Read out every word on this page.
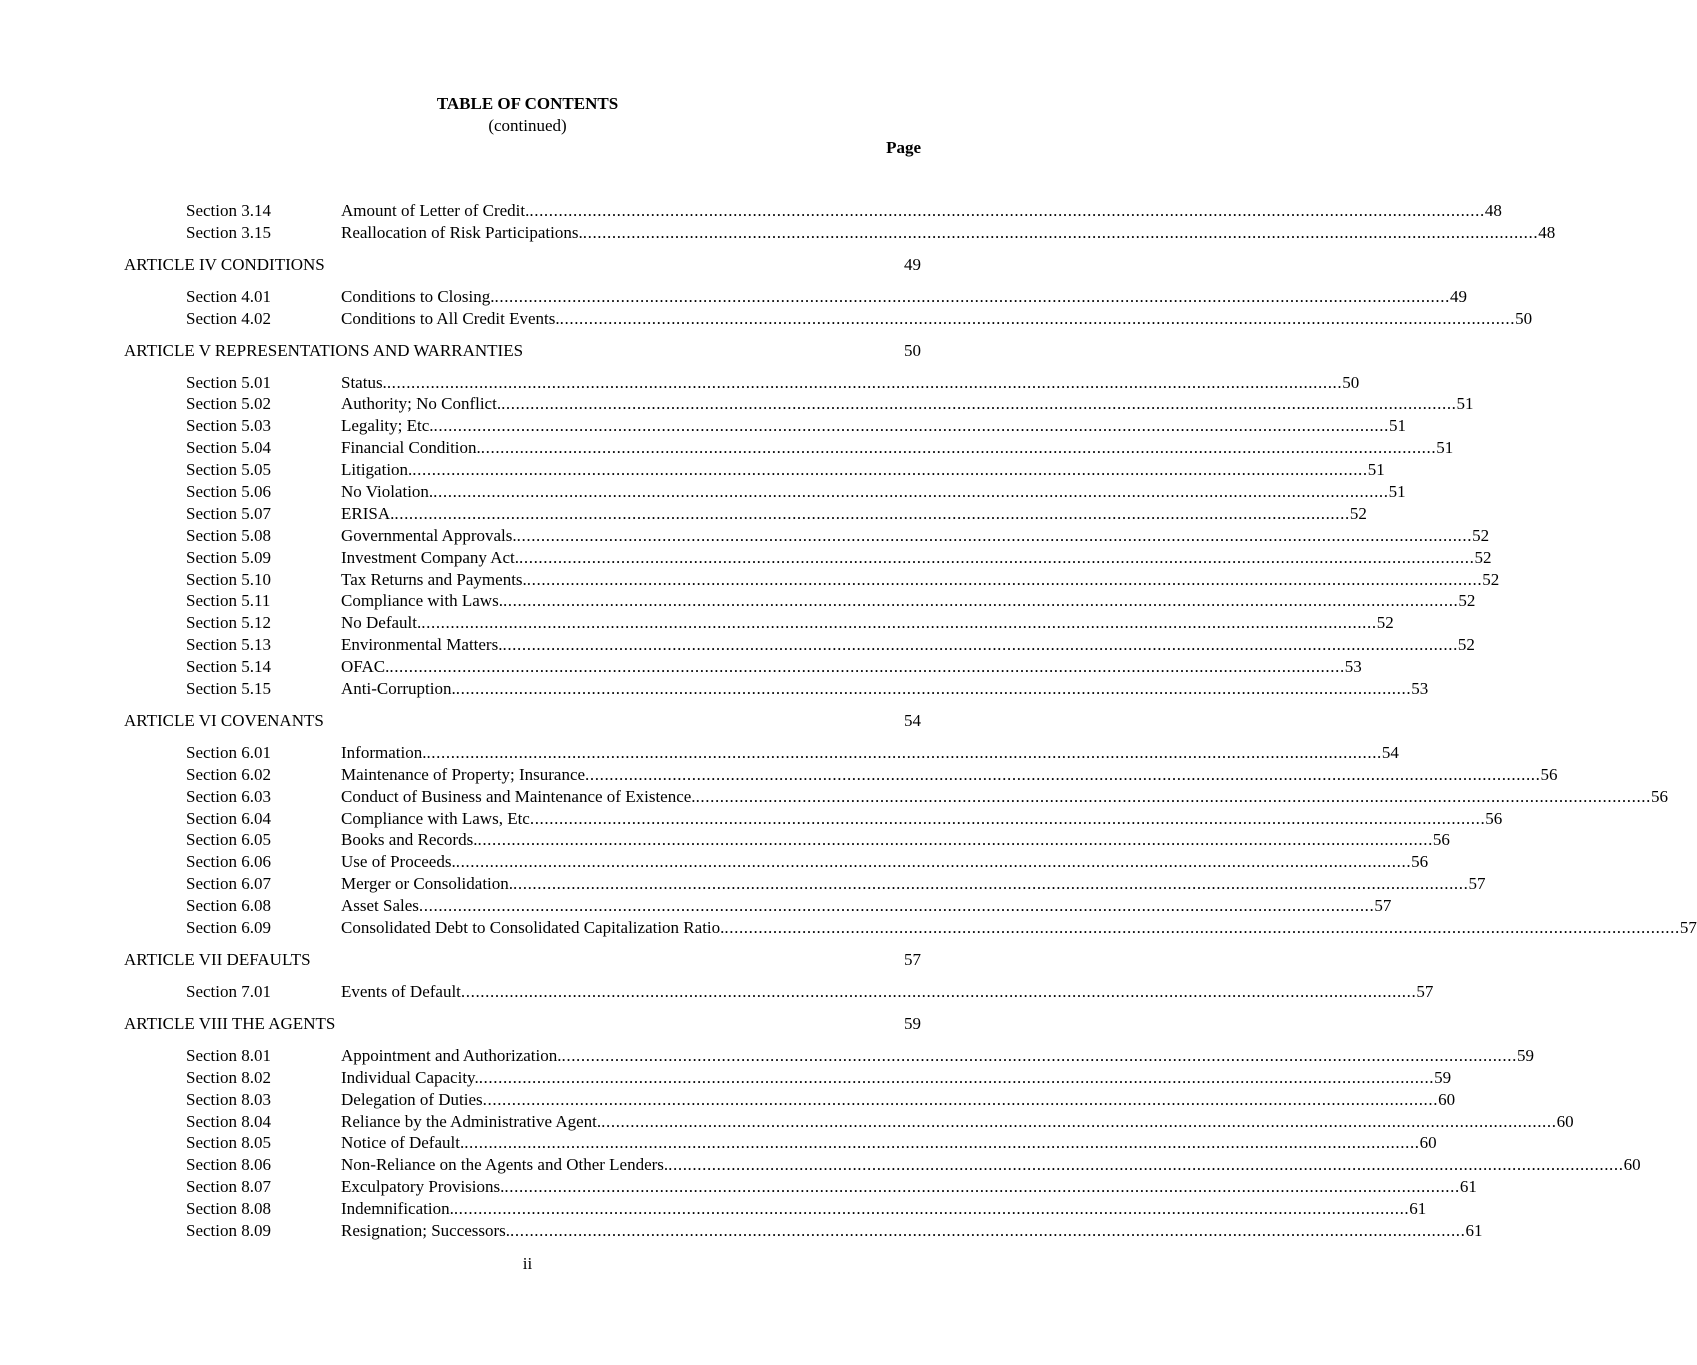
TABLE OF CONTENTS
(continued)
Page
Section 3.14	Amount of Letter of Credit. ..................................................................................................................................................................................................... 48
Section 3.15	Reallocation of Risk Participations. ..................................................................................................................................................................................................... 48
ARTICLE IV CONDITIONS	49
Section 4.01	Conditions to Closing. ..................................................................................................................................................................................................... 49
Section 4.02	Conditions to All Credit Events. ..................................................................................................................................................................................................... 50
ARTICLE V REPRESENTATIONS AND WARRANTIES	50
Section 5.01	Status. ..................................................................................................................................................................................................... 50
Section 5.02	Authority; No Conflict. ..................................................................................................................................................................................................... 51
Section 5.03	Legality; Etc. ..................................................................................................................................................................................................... 51
Section 5.04	Financial Condition. ..................................................................................................................................................................................................... 51
Section 5.05	Litigation. ..................................................................................................................................................................................................... 51
Section 5.06	No Violation. ..................................................................................................................................................................................................... 51
Section 5.07	ERISA. ..................................................................................................................................................................................................... 52
Section 5.08	Governmental Approvals. ..................................................................................................................................................................................................... 52
Section 5.09	Investment Company Act. ..................................................................................................................................................................................................... 52
Section 5.10	Tax Returns and Payments. ..................................................................................................................................................................................................... 52
Section 5.11	Compliance with Laws. ..................................................................................................................................................................................................... 52
Section 5.12	No Default. ..................................................................................................................................................................................................... 52
Section 5.13	Environmental Matters. ..................................................................................................................................................................................................... 52
Section 5.14	OFAC. ..................................................................................................................................................................................................... 53
Section 5.15	Anti-Corruption. ..................................................................................................................................................................................................... 53
ARTICLE VI COVENANTS	54
Section 6.01	Information. ..................................................................................................................................................................................................... 54
Section 6.02	Maintenance of Property; Insurance ..................................................................................................................................................................................................... 56
Section 6.03	Conduct of Business and Maintenance of Existence. ..................................................................................................................................................................................................... 56
Section 6.04	Compliance with Laws, Etc ..................................................................................................................................................................................................... 56
Section 6.05	Books and Records. ..................................................................................................................................................................................................... 56
Section 6.06	Use of Proceeds. ..................................................................................................................................................................................................... 56
Section 6.07	Merger or Consolidation. ..................................................................................................................................................................................................... 57
Section 6.08	Asset Sales ..................................................................................................................................................................................................... 57
Section 6.09	Consolidated Debt to Consolidated Capitalization Ratio. ..................................................................................................................................................................................................... 57
ARTICLE VII DEFAULTS	57
Section 7.01	Events of Default ..................................................................................................................................................................................................... 57
ARTICLE VIII THE AGENTS	59
Section 8.01	Appointment and Authorization. ..................................................................................................................................................................................................... 59
Section 8.02	Individual Capacity. ..................................................................................................................................................................................................... 59
Section 8.03	Delegation of Duties ..................................................................................................................................................................................................... 60
Section 8.04	Reliance by the Administrative Agent. ..................................................................................................................................................................................................... 60
Section 8.05	Notice of Default. ..................................................................................................................................................................................................... 60
Section 8.06	Non-Reliance on the Agents and Other Lenders. ..................................................................................................................................................................................................... 60
Section 8.07	Exculpatory Provisions. ..................................................................................................................................................................................................... 61
Section 8.08	Indemnification. ..................................................................................................................................................................................................... 61
Section 8.09	Resignation; Successors. ..................................................................................................................................................................................................... 61
ii
